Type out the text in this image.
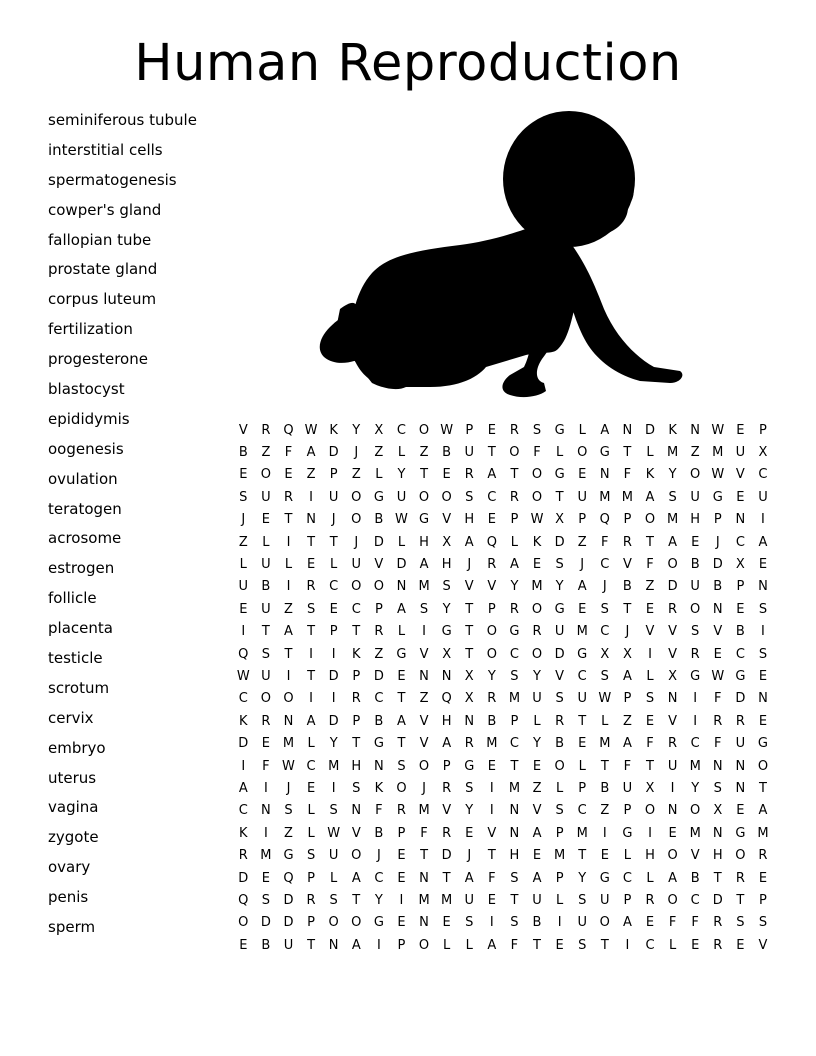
Human Reproduction
seminiferous tubule
interstitial cells
spermatogenesis
cowper's gland
fallopian tube
prostate gland
corpus luteum
fertilization
progesterone
blastocyst
epididymis
oogenesis
ovulation
teratogen
acrosome
estrogen
follicle
placenta
testicle
scrotum
cervix
embryo
uterus
vagina
zygote
ovary
penis
sperm
V	R	Q	W	K	Y	X	C	O	W	P	E	R	S	G	L	A	N	D	K	N	W	E	P
B	Z	F	A	D	J	Z	L	Z	B	U	T	O	F	L	O	G	T	L	M	Z	M	U	X
E	O	E	Z	P	Z	L	Y	T	E	R	A	T	O	G	E	N	F	K	Y	O	W	V	C
S	U	R	I	U	O	G	U	O	O	S	C	R	O	T	U	M	M	A	S	U	G	E	U
J	E	T	N	J	O	B	W	G	V	H	E	P	W	X	P	Q	P	O	M	H	P	N	I
Z	L	I	T	T	J	D	L	H	X	A	Q	L	K	D	Z	F	R	T	A	E	J	C	A
L	U	L	E	L	U	V	D	A	H	J	R	A	E	S	J	C	V	F	O	B	D	X	E
U	B	I	R	C	O	O	N	M	S	V	V	Y	M	Y	A	J	B	Z	D	U	B	P	N
E	U	Z	S	E	C	P	A	S	Y	T	P	R	O	G	E	S	T	E	R	O	N	E	S
I	T	A	T	P	T	R	L	I	G	T	O	G	R	U	M	C	J	V	V	S	V	B	I
Q	S	T	I	I	K	Z	G	V	X	T	O	C	O	D	G	X	X	I	V	R	E	C	S
W	U	I	T	D	P	D	E	N	N	X	Y	S	Y	V	C	S	A	L	X	G	W	G	E
C	O	O	I	I	R	C	T	Z	Q	X	R	M	U	S	U	W	P	S	N	I	F	D	N
K	R	N	A	D	P	B	A	V	H	N	B	P	L	R	T	L	Z	E	V	I	R	R	E
D	E	M	L	Y	T	G	T	V	A	R	M	C	Y	B	E	M	A	F	R	C	F	U	G
I	F	W	C	M	H	N	S	O	P	G	E	T	E	O	L	T	F	T	U	M	N	N	O
A	I	J	E	I	S	K	O	J	R	S	I	M	Z	L	P	B	U	X	I	Y	S	N	T
C	N	S	L	S	N	F	R	M	V	Y	I	N	V	S	C	Z	P	O	N	O	X	E	A
K	I	Z	L	W	V	B	P	F	R	E	V	N	A	P	M	I	G	I	E	M	N	G	M
R	M	G	S	U	O	J	E	T	D	J	T	H	E	M	T	E	L	H	O	V	H	O	R
D	E	Q	P	L	A	C	E	N	T	A	F	S	A	P	Y	G	C	L	A	B	T	R	E
Q	S	D	R	S	T	Y	I	M	M	U	E	T	U	L	S	U	P	R	O	C	D	T	P
O	D	D	P	O	O	G	E	N	E	S	I	S	B	I	U	O	A	E	F	F	R	S	S
E	B	U	T	N	A	I	P	O	L	L	A	F	T	E	S	T	I	C	L	E	R	E	V
